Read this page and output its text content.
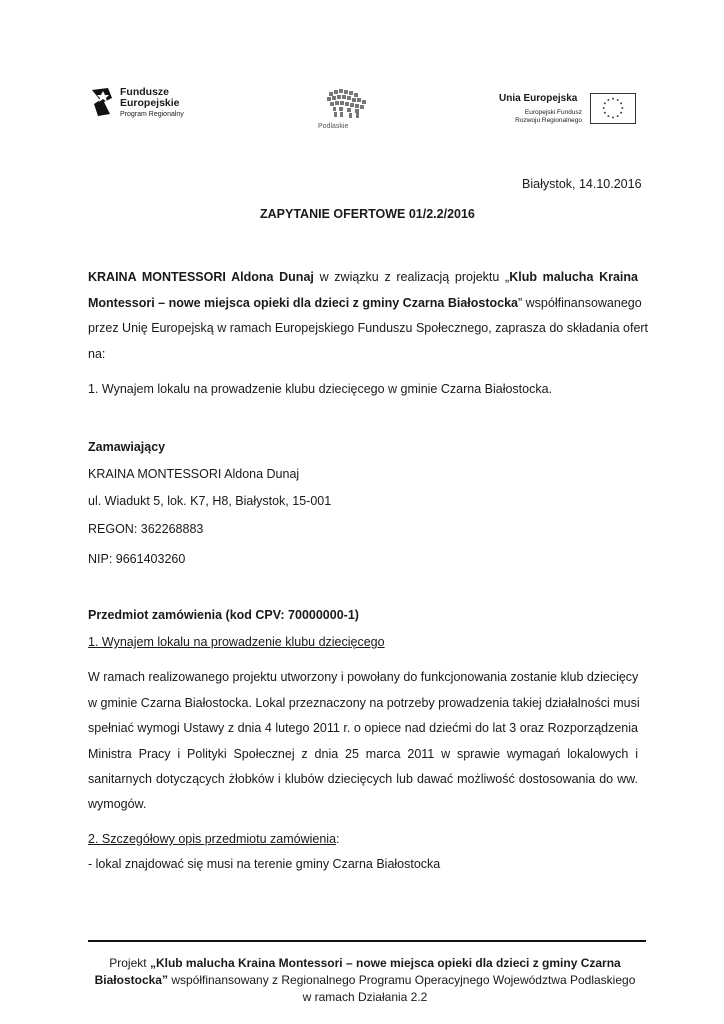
Fundusze
Europejskie
Program Regionalny
Podlaskie
Unia Europejska
Europejski Fundusz
Rozwoju Regionalnego
Białystok, 14.10.2016
ZAPYTANIE OFERTOWE 01/2.2/2016
KRAINA MONTESSORI Aldona Dunaj w związku z realizacją projektu „Klub malucha Kraina
Montessori – nowe miejsca opieki dla dzieci z gminy Czarna Białostocka” współfinansowanego
przez Unię Europejską w ramach Europejskiego Funduszu Społecznego, zaprasza do składania ofert
na:
1. Wynajem lokalu na prowadzenie klubu dziecięcego w gminie Czarna Białostocka.
Zamawiający
KRAINA MONTESSORI Aldona Dunaj
ul. Wiadukt 5, lok. K7, H8, Białystok, 15-001
REGON: 362268883
NIP: 9661403260
Przedmiot zamówienia (kod CPV: 70000000-1)
1. Wynajem lokalu na prowadzenie klubu dziecięcego
W ramach realizowanego projektu utworzony i powołany do funkcjonowania zostanie klub dziecięcy
w gminie Czarna Białostocka. Lokal przeznaczony na potrzeby prowadzenia takiej działalności musi
spełniać wymogi Ustawy z dnia 4 lutego 2011 r. o opiece nad dziećmi do lat 3 oraz Rozporządzenia
Ministra Pracy i Polityki Społecznej z dnia 25 marca 2011 w sprawie wymagań lokalowych i
sanitarnych dotyczących żłobków i klubów dziecięcych lub dawać możliwość dostosowania do ww.
wymogów.
2. Szczegółowy opis przedmiotu zamówienia:
- lokal znajdować się musi na terenie gminy Czarna Białostocka
Projekt „Klub malucha Kraina Montessori – nowe miejsca opieki dla dzieci z gminy Czarna
Białostocka” współfinansowany z Regionalnego Programu Operacyjnego Województwa Podlaskiego
w ramach Działania 2.2
